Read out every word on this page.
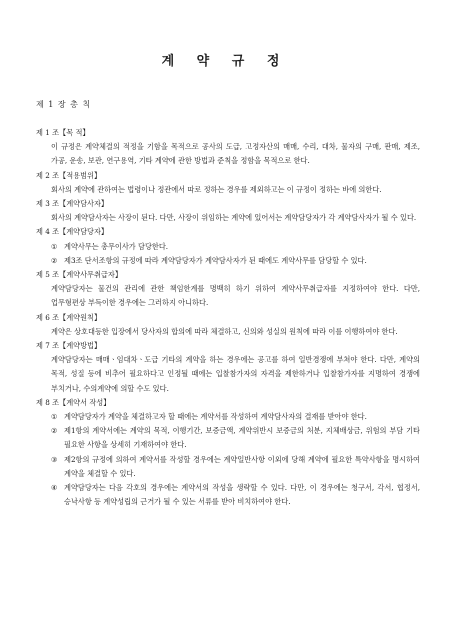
계 약 규 정
제 1 장 총 칙

제 1 조【목 적】

이 규정은 계약체결의 적정을 기함을 목적으로 공사의 도급, 고정자산의 매매, 수리, 대차, 물자의 구매, 판매, 제조, 가공, 운송, 보관, 연구용역, 기타 계약에 관한 방법과 준칙을 정함을 목적으로 한다.

제 2 조【적용범위】

회사의 계약에 관하여는 법령이나 정관에서 따로 정하는 경우를 제외하고는 이 규정이 정하는 바에 의한다.

제 3 조【계약담사자】

회사의 계약담사자는 사장이 된다. 다만, 사장이 위임하는 계약에 있어서는 계약담당자가 각 계약담사자가 될 수 있다.

제 4 조【계약담당자】

① 계약사무는 총무이사가 담당한다.
② 제3조 단서조항의 규정에 따라 계약담당자가 계약담사자가 된 때에도 계약사무를 담당할 수 있다.

제 5 조【계약사무취급자】

계약담당자는 물건의 관리에 관한 책임한계를 명백히 하기 위하여 계약사무취급자를 지정하여야 한다. 다만, 업무형편상 부득이한 경우에는 그러하지 아니하다.

제 6 조【계약원칙】

계약은 상호대등한 입장에서 당사자의 합의에 따라 체결하고, 신의와 성실의 원칙에 따라 이를 이행하여야 한다.

제 7 조【계약방법】

계약담당자는 매매ㆍ임대차ㆍ도급 기타의 계약을 하는 경우에는 공고를 하여 일반경쟁에 부쳐야 한다. 다만, 계약의 목적, 성질 등에 비추어 필요하다고 인정될 때에는 입찰참가자의 자격을 제한하거나 입찰참가자를 지명하여 경쟁에 부치거나, 수의계약에 의할 수도 있다.

제 8 조【계약서 작성】

① 계약담당자가 계약을 체결하고자 할 때에는 계약서를 작성하여 계약담사자의 결재를 받아야 한다.
② 제1항의 계약서에는 계약의 목적, 이행기간, 보증금액, 계약위반시 보증금의 처분, 지체배상금, 위험의 부담 기타 필요한 사항을 상세히 기재하여야 한다.
③ 제2항의 규정에 의하여 계약서를 작성할 경우에는 계약일반사항 이외에 당해 계약에 필요한 특약사항을 명시하여 계약을 체결할 수 있다.
④ 계약담당자는 다음 각호의 경우에는 계약서의 작성을 생략할 수 있다. 다만, 이 경우에는 청구서, 각서, 협정서, 승낙사항 등 계약성립의 근거가 될 수 있는 서류를 받아 비치하여야 한다.
